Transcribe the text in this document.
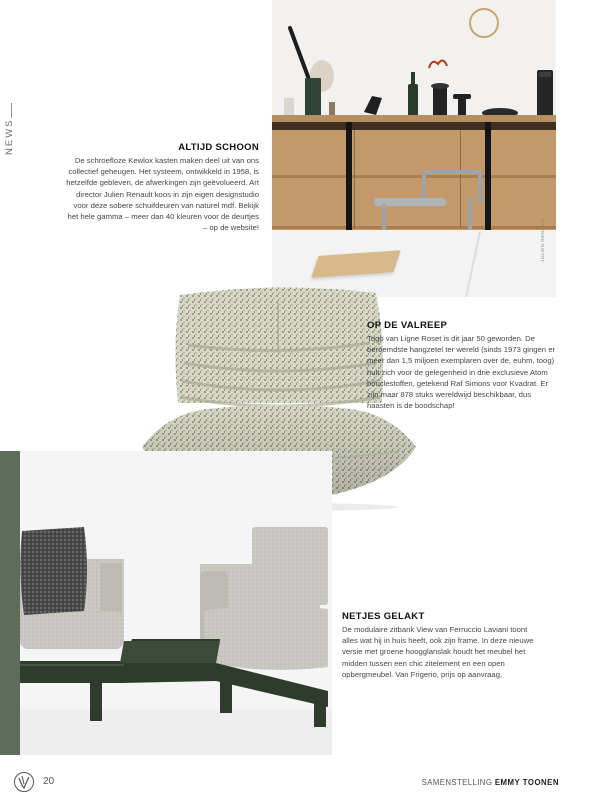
NEWS
JULIEN RENAULT
ALTIJD SCHOON

De schroefloze Kewlox kasten maken deel uit van ons collectief geheugen. Het systeem, ontwikkeld in 1958, is hetzelfde gebleven, de afwerkingen zijn geëvolueerd. Art director Julien Renault koos in zijn eigen designstudio voor deze sobere schuifdeuren van naturel mdf. Bekijk het hele gamma – meer dan 40 kleuren voor de deurtjes – op de website!

OP DE VALREEP

Togo van Ligne Roset is dit jaar 50 geworden. De beroemdste hangzetel ter wereld (sinds 1973 gingen er meer dan 1,5 miljoen exemplaren over de, euhm, toog) hult zich voor de gelegenheid in drie exclusieve Atom bouclestoffen, getekend Raf Simons voor Kvadrat. Er zijn maar 878 stuks wereldwijd beschikbaar, dus haasten is de boodschap!

NETJES GELAKT

De modulaire zitbank View van Ferruccio Laviani toont alles wat hij in huis heeft, ook zijn frame. In deze nieuwe versie met groene hoogglanslak houdt het meubel het midden tussen een chic zitelement en een open opbergmeubel. Van Frigerio, prijs op aanvraag.

20	SAMENSTELLING EMMY TOONEN
